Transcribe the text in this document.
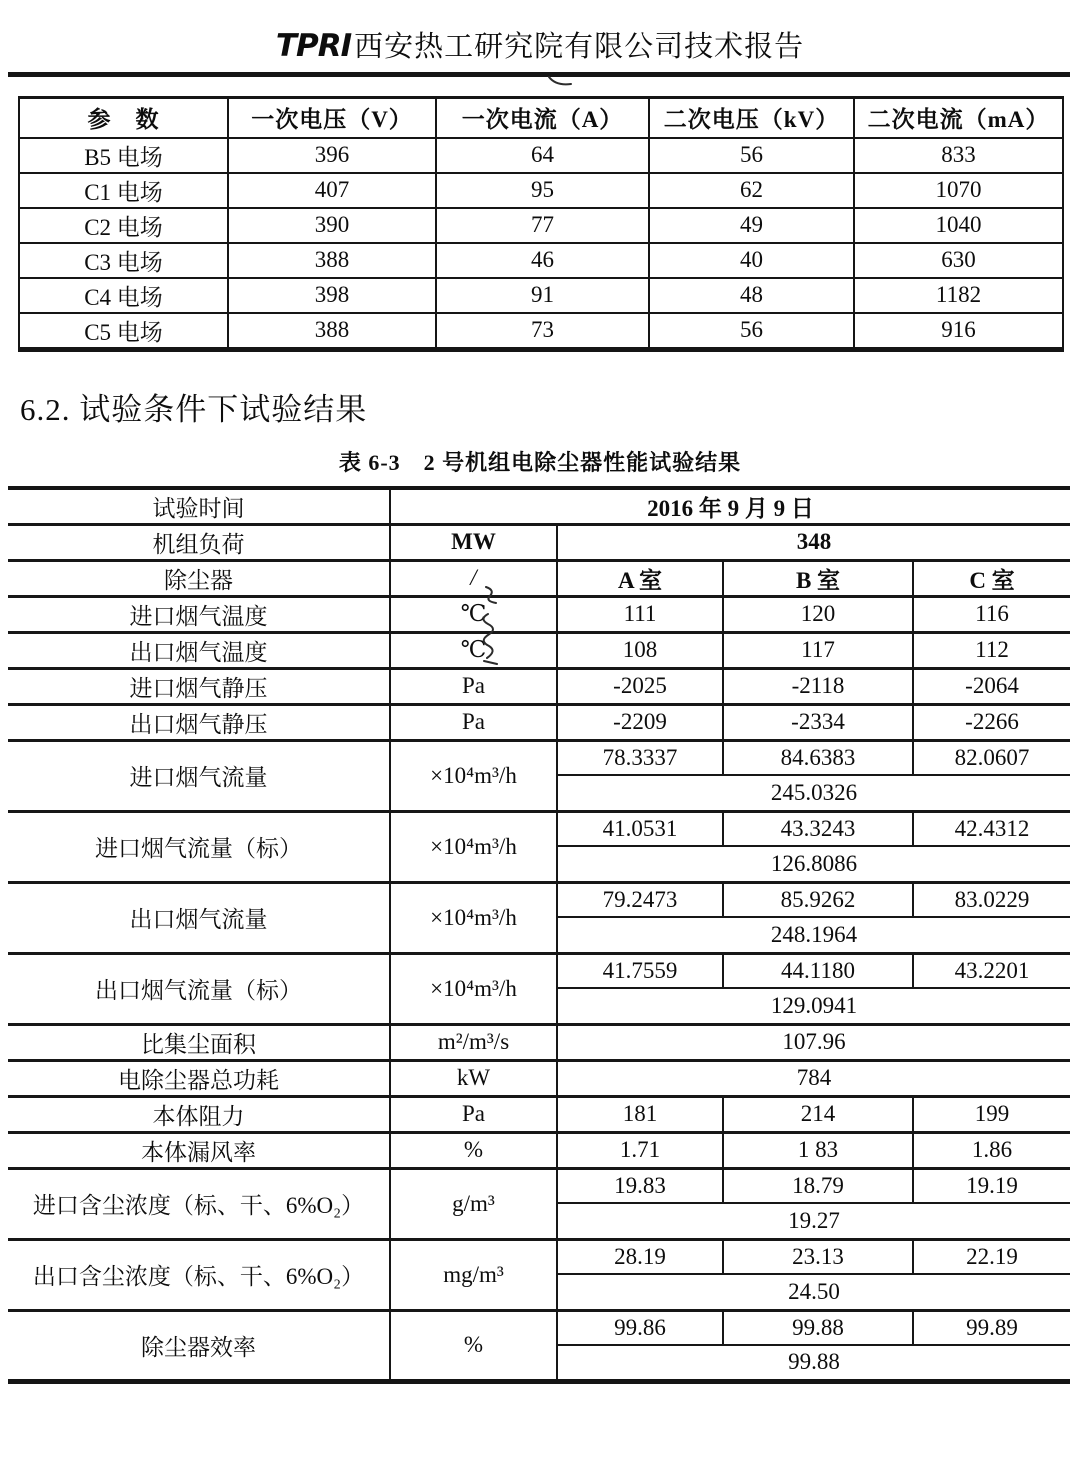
TPRI 西安热工研究院有限公司技术报告
参　数	一次电压（V）	一次电流（A）	二次电压（kV）	二次电流（mA）
B5 电场	396	64	56	833
C1 电场	407	95	62	1070
C2 电场	390	77	49	1040
C3 电场	388	46	40	630
C4 电场	398	91	48	1182
C5 电场	388	73	56	916
6.2. 试验条件下试验结果
表 6-3　2 号机组电除尘器性能试验结果
试验时间	2016 年 9 月 9 日			
机组负荷	MW	348		
除尘器	/	A 室	B 室	C 室
进口烟气温度	℃	111	120	116
出口烟气温度	℃	108	117	112
进口烟气静压	Pa	-2025	-2118	-2064
出口烟气静压	Pa	-2209	-2334	-2266
进口烟气流量	×10⁴m³/h	78.3337	84.6383	82.0607
		245.0326		
进口烟气流量（标）	×10⁴m³/h	41.0531	43.3243	42.4312
		126.8086		
出口烟气流量	×10⁴m³/h	79.2473	85.9262	83.0229
		248.1964		
出口烟气流量（标）	×10⁴m³/h	41.7559	44.1180	43.2201
		129.0941		
比集尘面积	m²/m³/s	107.96		
电除尘器总功耗	kW	784		
本体阻力	Pa	181	214	199
本体漏风率	%	1.71	1 83	1.86
进口含尘浓度（标、干、6%O₂）	g/m³	19.83	18.79	19.19
		19.27		
出口含尘浓度（标、干、6%O₂）	mg/m³	28.19	23.13	22.19
		24.50		
除尘器效率	%	99.86	99.88	99.89
		99.88		
